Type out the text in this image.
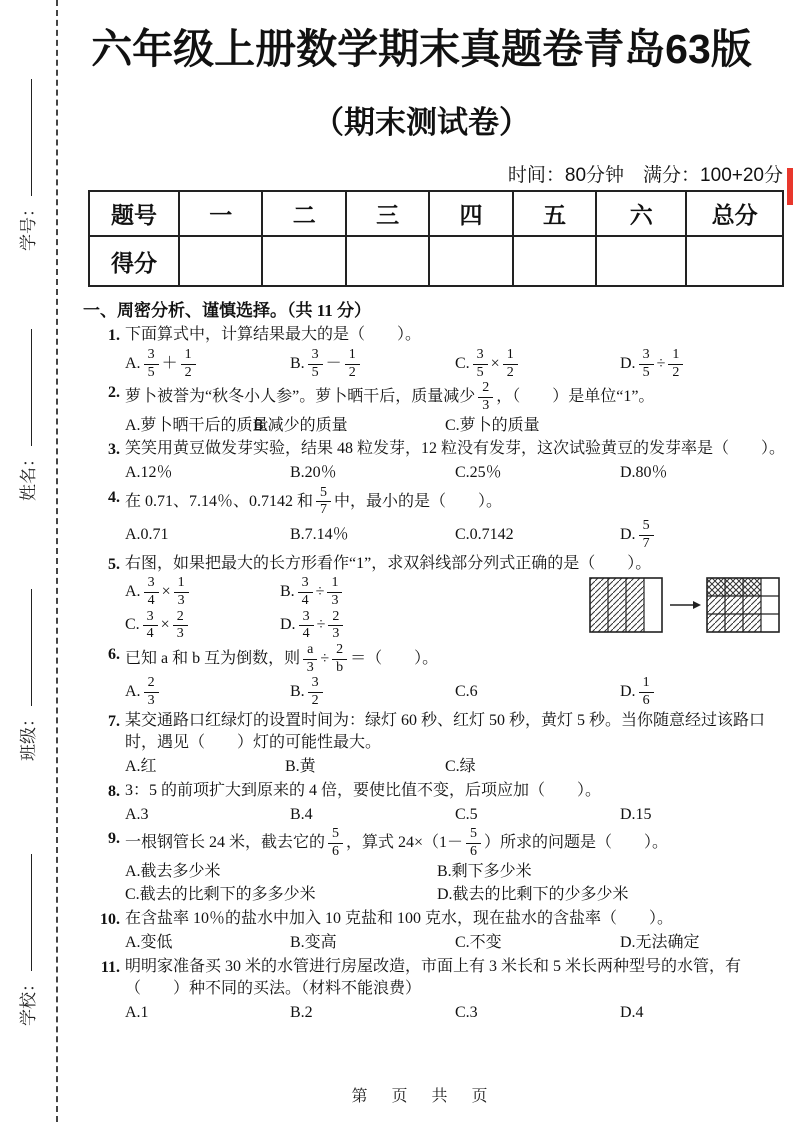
学号：
姓名：
班级：
学校：
六年级上册数学期末真题卷青岛63版
（期末测试卷）
时间：80分钟　满分：100+20分
题号	一	二	三	四	五	六	总分
得分							
一、周密分析、谨慎选择。（共 11 分）
1. 下面算式中，计算结果最大的是（　　）。
A.
3
5
＋
1
2
B.
3
5
－
1
2
C. $\frac{3}{5} \times \frac{1}{2}$	D. $\frac{3}{5} \div \frac{1}{2}$
2. 萝卜被誉为“秋冬小人参”。萝卜晒干后，质量减少 $\frac{2}{3}$ ，（　　）是单位“1”。
A.萝卜晒干后的质量
B.减少的质量	C.萝卜的质量
3. 笑笑用黄豆做发芽实验，结果 48 粒发芽，12 粒没有发芽，这次试验黄豆的发芽率是（　　）。
A.12％	B.20％	C.25％	D.80％
4. 在 0.71、7.14％、0.7142 和 $\frac{5}{7}$ 中，最小的是（　　）。
A.0.71	B.7.14％	C.0.7142	D.
5
7
5. 右图，如果把最大的长方形看作“1”，求双斜线部分列式正确的是（　　）。
A. $\frac{3}{4} \times \frac{1}{3}$	B. $\frac{3}{4} \div \frac{1}{3}$
C. $\frac{3}{4} \times \frac{2}{3}$	D. $\frac{3}{4} \div \frac{2}{3}$
6. 已知 a 和 b 互为倒数，则 $\frac{a}{3} \div \frac{2}{b}$ ＝（　　）。
A.
2
3
B.
3
2
C.6	D.
1
6
7. 某交通路口红绿灯的设置时间为：绿灯 60 秒、红灯 50 秒，黄灯 5 秒。当你随意经过该路口时，遇见（　　）灯的可能性最大。
A.红	B.黄	C.绿
8. 3：5 的前项扩大到原来的 4 倍，要使比值不变，后项应加（　　）。
A.3	B.4	C.5	D.15
9. 一根钢管长 24 米，截去它的 $\frac{5}{6}$ ，算式 $24\times(1- \frac{5}{6}$ ）所求的问题是（　　）。
A.截去多少米	B.剩下多少米
C.截去的比剩下的多多少米	D.截去的比剩下的少多少米
10. 在含盐率 10％的盐水中加入 10 克盐和 100 克水，现在盐水的含盐率（　　）。
A.变低	B.变高	C.不变	D.无法确定
11. 明明家准备买 30 米的水管进行房屋改造，市面上有 3 米长和 5 米长两种型号的水管，有（　　）种不同的买法。（材料不能浪费）
A.1	B.2	C.3	D.4
第　页　共　页
